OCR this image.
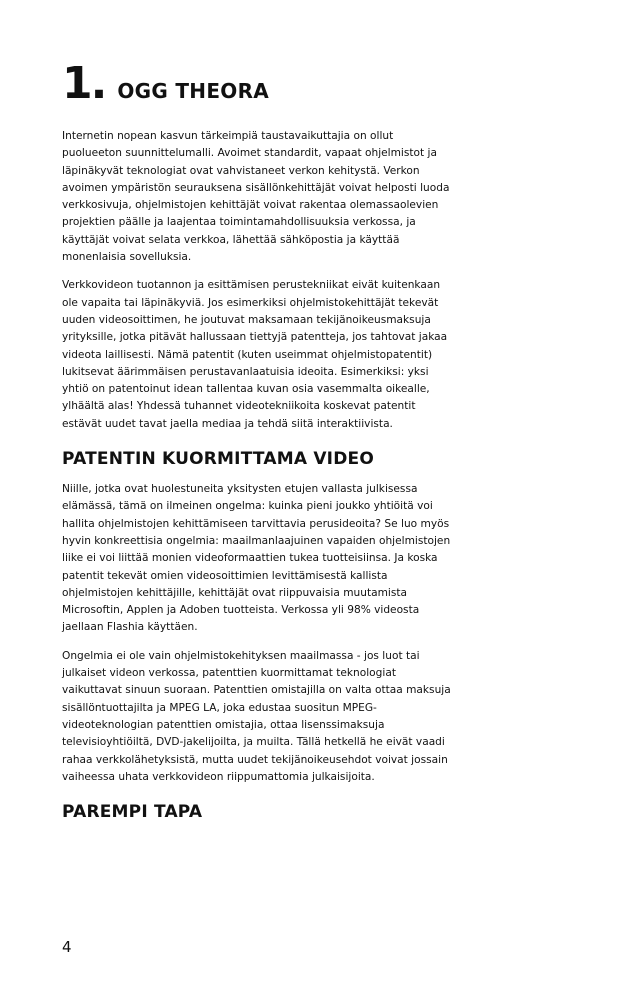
1. OGG THEORA

Internetin nopean kasvun tärkeimpiä taustavaikuttajia on ollut puolueeton suunnittelumalli. Avoimet standardit, vapaat ohjelmistot ja läpinäkyvät teknologiat ovat vahvistaneet verkon kehitystä. Verkon avoimen ympäristön seurauksena sisällönkehittäjät voivat helposti luoda verkkosivuja, ohjelmistojen kehittäjät voivat rakentaa olemassaolevien projektien päälle ja laajentaa toimintamahdollisuuksia verkossa, ja käyttäjät voivat selata verkkoa, lähettää sähköpostia ja käyttää monenlaisia sovelluksia.

Verkkovideon tuotannon ja esittämisen perustekniikat eivät kuitenkaan ole vapaita tai läpinäkyviä. Jos esimerkiksi ohjelmistokehittäjät tekevät uuden videosoittimen, he joutuvat maksamaan tekijänoikeusmaksuja yrityksille, jotka pitävät hallussaan tiettyjä patentteja, jos tahtovat jakaa videota laillisesti. Nämä patentit (kuten useimmat ohjelmistopatentit) lukitsevat äärimmäisen perustavanlaatuisia ideoita. Esimerkiksi: yksi yhtiö on patentoinut idean tallentaa kuvan osia vasemmalta oikealle, ylhäältä alas! Yhdessä tuhannet videotekniikoita koskevat patentit estävät uudet tavat jaella mediaa ja tehdä siitä interaktiivista.

PATENTIN KUORMITTAMA VIDEO

Niille, jotka ovat huolestuneita yksitysten etujen vallasta julkisessa elämässä, tämä on ilmeinen ongelma: kuinka pieni joukko yhtiöitä voi hallita ohjelmistojen kehittämiseen tarvittavia perusideoita? Se luo myös hyvin konkreettisia ongelmia: maailmanlaajuinen vapaiden ohjelmistojen liike ei voi liittää monien videoformaattien tukea tuotteisiinsa. Ja koska patentit tekevät omien videosoittimien levittämisestä kallista ohjelmistojen kehittäjille, kehittäjät ovat riippuvaisia muutamista Microsoftin, Applen ja Adoben tuotteista. Verkossa yli 98% videosta jaellaan Flashia käyttäen.

Ongelmia ei ole vain ohjelmistokehityksen maailmassa - jos luot tai julkaiset videon verkossa, patenttien kuormittamat teknologiat vaikuttavat sinuun suoraan. Patenttien omistajilla on valta ottaa maksuja sisällöntuottajilta ja MPEG LA, joka edustaa suositun MPEG-videoteknologian patenttien omistajia, ottaa lisenssimaksuja televisioyhtiöiltä, DVD-jakelijoilta, ja muilta. Tällä hetkellä he eivät vaadi rahaa verkkolähetyksistä, mutta uudet tekijänoikeusehdot voivat jossain vaiheessa uhata verkkovideon riippumattomia julkaisijoita.

PAREMPI TAPA
4
